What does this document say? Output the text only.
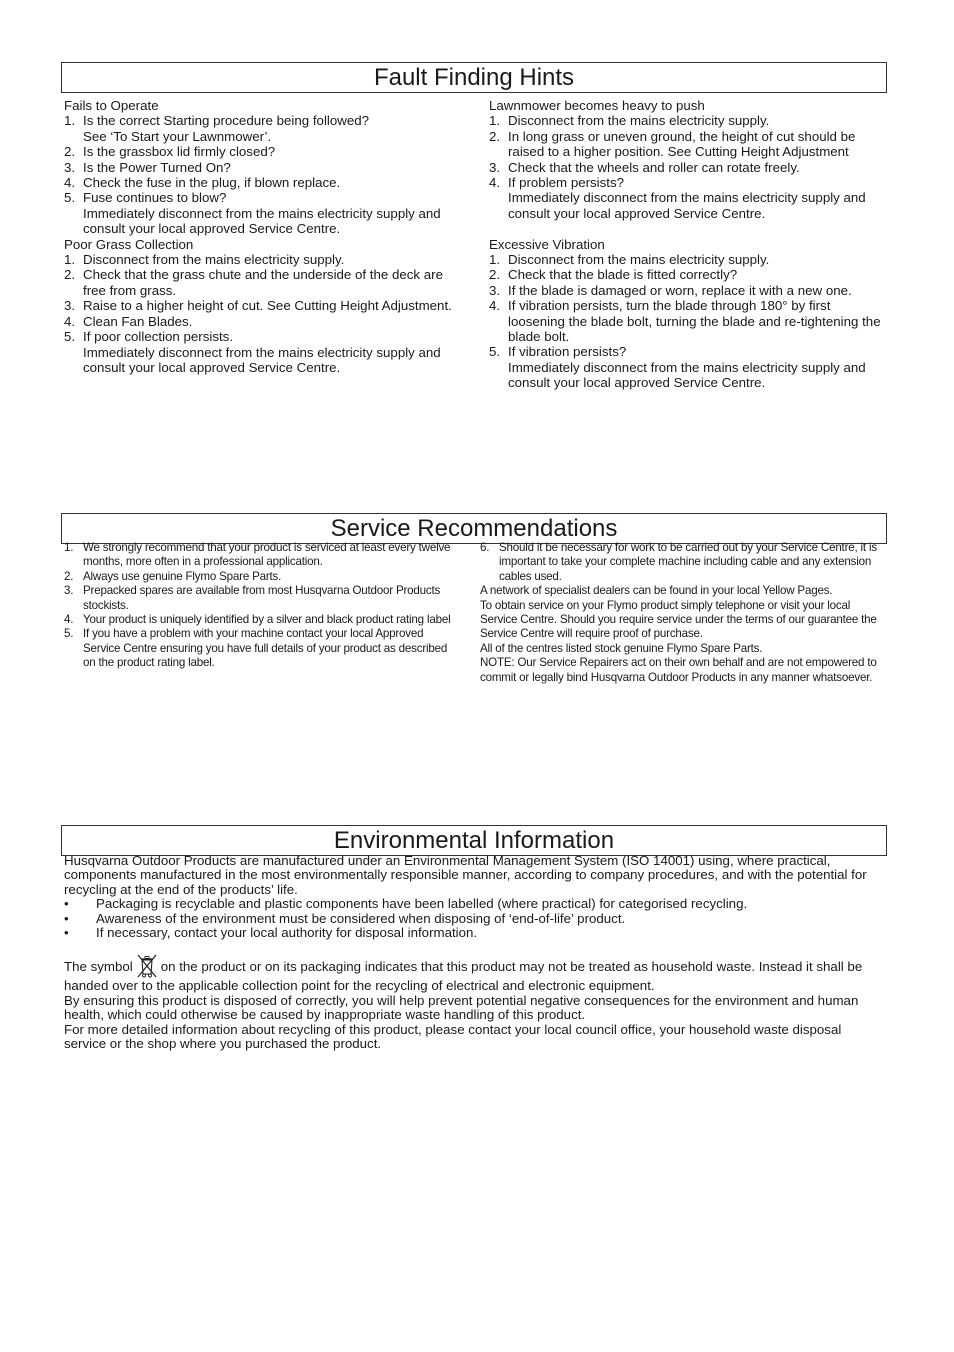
Fault Finding Hints

Fails to Operate

1. Is the correct Starting procedure being followed?
See ‘To Start your Lawnmower’.
2. Is the grassbox lid firmly closed?
3. Is the Power Turned On?
4. Check the fuse in the plug, if blown replace.
5. Fuse continues to blow?
Immediately disconnect from the mains electricity supply and consult your local approved Service Centre.

Poor Grass Collection

1. Disconnect from the mains electricity supply.
2. Check that the grass chute and the underside of the deck are free from grass.
3. Raise to a higher height of cut. See Cutting Height Adjustment.
4. Clean Fan Blades.
5. If poor collection persists.
Immediately disconnect from the mains electricity supply and consult your local approved Service Centre.

Lawnmower becomes heavy to push

1. Disconnect from the mains electricity supply.
2. In long grass or uneven ground, the height of cut should be raised to a higher position. See Cutting Height Adjustment
3. Check that the wheels and roller can rotate freely.
4. If problem persists?
Immediately disconnect from the mains electricity supply and consult your local approved Service Centre.

Excessive Vibration

1. Disconnect from the mains electricity supply.
2. Check that the blade is fitted correctly?
3. If the blade is damaged or worn, replace it with a new one.
4. If vibration persists, turn the blade through 180° by first loosening the blade bolt, turning the blade and re-tightening the blade bolt.
5. If vibration persists?
Immediately disconnect from the mains electricity supply and consult your local approved Service Centre.
Service Recommendations
1. We strongly recommend that your product is serviced at least every twelve months, more often in a professional application.
2. Always use genuine Flymo Spare Parts.
3. Prepacked spares are available from most Husqvarna Outdoor Products stockists.
4. Your product is uniquely identified by a silver and black product rating label
5. If you have a problem with your machine contact your local Approved Service Centre ensuring you have full details of your product as described on the product rating label.
6. Should it be necessary for work to be carried out by your Service Centre, it is important to take your complete machine including cable and any extension cables used.

A network of specialist dealers can be found in your local Yellow Pages.

To obtain service on your Flymo product simply telephone or visit your local Service Centre. Should you require service under the terms of our guarantee the Service Centre will require proof of purchase.

All of the centres listed stock genuine Flymo Spare Parts.

NOTE: Our Service Repairers act on their own behalf and are not empowered to commit or legally bind Husqvarna Outdoor Products in any manner whatsoever.

Environmental Information

Husqvarna Outdoor Products are manufactured under an Environmental Management System (ISO 14001) using, where practical, components manufactured in the most environmentally responsible manner, according to company procedures, and with the potential for recycling at the end of the products’ life.

• Packaging is recyclable and plastic components have been labelled (where practical) for categorised recycling.
• Awareness of the environment must be considered when disposing of ‘end-of-life’ product.
• If necessary, contact your local authority for disposal information.

The symbol on the product or on its packaging indicates that this product may not be treated as household waste. Instead it shall be handed over to the applicable collection point for the recycling of electrical and electronic equipment.

By ensuring this product is disposed of correctly, you will help prevent potential negative consequences for the environment and human health, which could otherwise be caused by inappropriate waste handling of this product.

For more detailed information about recycling of this product, please contact your local council office, your household waste disposal service or the shop where you purchased the product.
